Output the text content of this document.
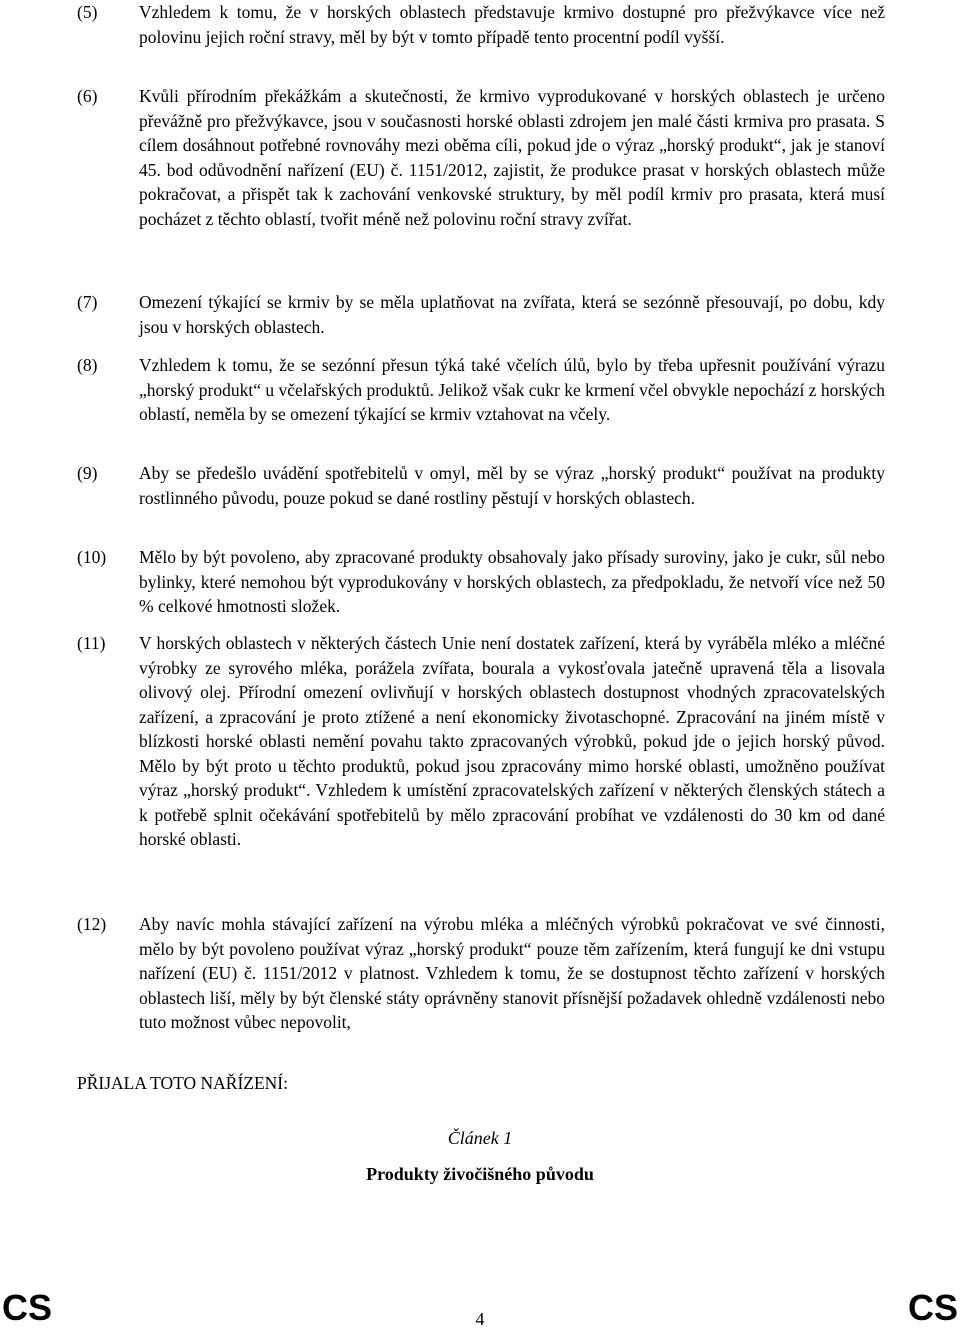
(5)	Vzhledem k tomu, že v horských oblastech představuje krmivo dostupné pro přežvýkavce více než polovinu jejich roční stravy, měl by být v tomto případě tento procentní podíl vyšší.
(6)	Kvůli přírodním překážkám a skutečnosti, že krmivo vyprodukované v horských oblastech je určeno převážně pro přežvýkavce, jsou v současnosti horské oblasti zdrojem jen malé části krmiva pro prasata. S cílem dosáhnout potřebné rovnováhy mezi oběma cíli, pokud jde o výraz „horský produkt“, jak je stanoví 45. bod odůvodnění nařízení (EU) č. 1151/2012, zajistit, že produkce prasat v horských oblastech může pokračovat, a přispět tak k zachování venkovské struktury, by měl podíl krmiv pro prasata, která musí pocházet z těchto oblastí, tvořit méně než polovinu roční stravy zvířat.
(7)	Omezení týkající se krmiv by se měla uplatňovat na zvířata, která se sezónně přesouvají, po dobu, kdy jsou v horských oblastech.
(8)	Vzhledem k tomu, že se sezónní přesun týká také včelích úlů, bylo by třeba upřesnit používání výrazu „horský produkt“ u včelařských produktů. Jelikož však cukr ke krmení včel obvykle nepochází z horských oblastí, neměla by se omezení týkající se krmiv vztahovat na včely.
(9)	Aby se předešlo uvádění spotřebitelů v omyl, měl by se výraz „horský produkt“ používat na produkty rostlinného původu, pouze pokud se dané rostliny pěstují v horských oblastech.
(10)	Mělo by být povoleno, aby zpracované produkty obsahovaly jako přísady suroviny, jako je cukr, sůl nebo bylinky, které nemohou být vyprodukovány v horských oblastech, za předpokladu, že netvoří více než 50 % celkové hmotnosti složek.
(11)	V horských oblastech v některých částech Unie není dostatek zařízení, která by vyráběla mléko a mléčné výrobky ze syrového mléka, porážela zvířata, bourala a vykosťovala jatečně upravená těla a lisovala olivový olej. Přírodní omezení ovlivňují v horských oblastech dostupnost vhodných zpracovatelských zařízení, a zpracování je proto ztížené a není ekonomicky životaschopné. Zpracování na jiném místě v blízkosti horské oblasti nemění povahu takto zpracovaných výrobků, pokud jde o jejich horský původ. Mělo by být proto u těchto produktů, pokud jsou zpracovány mimo horské oblasti, umožněno používat výraz „horský produkt“. Vzhledem k umístění zpracovatelských zařízení v některých členských státech a k potřebě splnit očekávání spotřebitelů by mělo zpracování probíhat ve vzdálenosti do 30 km od dané horské oblasti.
(12)	Aby navíc mohla stávající zařízení na výrobu mléka a mléčných výrobků pokračovat ve své činnosti, mělo by být povoleno používat výraz „horský produkt“ pouze těm zařízením, která fungují ke dni vstupu nařízení (EU) č. 1151/2012 v platnost. Vzhledem k tomu, že se dostupnost těchto zařízení v horských oblastech liší, měly by být členské státy oprávněny stanovit přísnější požadavek ohledně vzdálenosti nebo tuto možnost vůbec nepovolit,
PŘIJALA TOTO NAŘÍZENÍ:
Článek 1
Produkty živočišného původu
CS	4	CS
